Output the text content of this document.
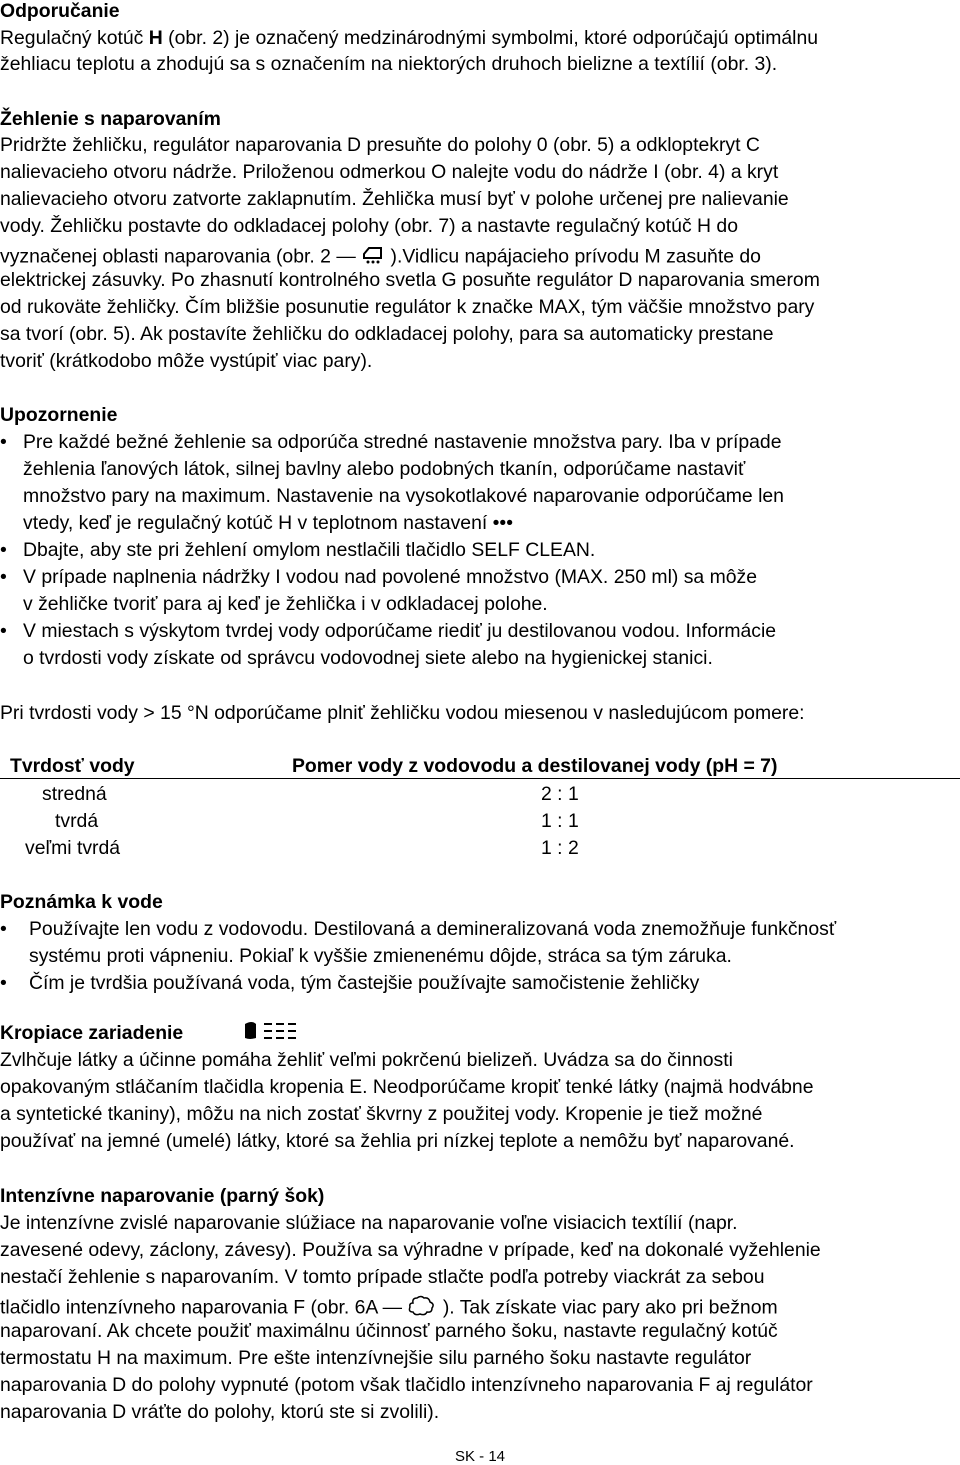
Odporučanie
Regulačný kotúč H (obr. 2) je označený medzinárodnými symbolmi, ktoré odporúčajú optimálnu
žehliacu teplotu a zhodujú sa s označením na niektorých druhoch bielizne a textílií (obr. 3).
Žehlenie s naparovaním
Pridržte žehličku, regulátor naparovania D presuňte do polohy 0 (obr. 5) a odkloptekryt C
nalievacieho otvoru nádrže. Priloženou odmerkou O nalejte vodu do nádrže I (obr. 4) a kryt
nalievacieho otvoru zatvorte zaklapnutím. Žehlička musí byť v polohe určenej pre nalievanie
vody. Žehličku postavte do odkladacej polohy (obr. 7) a nastavte regulačný kotúč H do
vyznačenej oblasti naparovania (obr. 2 — ).Vidlicu napájacieho prívodu M zasuňte do
elektrickej zásuvky. Po zhasnutí kontrolného svetla G posuňte regulátor D naparovania smerom
od rukoväte žehličky. Čím bližšie posunutie regulátor k značke MAX, tým väčšie množstvo pary
sa tvorí (obr. 5). Ak postavíte žehličku do odkladacej polohy, para sa automaticky prestane
tvoriť (krátkodobo môže vystúpiť viac pary).
Upozornenie
• Pre každé bežné žehlenie sa odporúča stredné nastavenie množstva pary. Iba v prípade
žehlenia ľanových látok, silnej bavlny alebo podobných tkanín, odporúčame nastaviť
množstvo pary na maximum. Nastavenie na vysokotlakové naparovanie odporúčame len
vtedy, keď je regulačný kotúč H v teplotnom nastavení •••
• Dbajte, aby ste pri žehlení omylom nestlačili tlačidlo SELF CLEAN.
• V prípade naplnenia nádržky I vodou nad povolené množstvo (MAX. 250 ml) sa môže
v žehličke tvoriť para aj keď je žehlička i v odkladacej polohe.
• V miestach s výskytom tvrdej vody odporúčame riediť ju destilovanou vodou. Informácie
o tvrdosti vody získate od správcu vodovodnej siete alebo na hygienickej stanici.
Pri tvrdosti vody > 15 °N odporúčame plniť žehličku vodou miesenou v nasledujúcom pomere:
Tvrdosť vody	Pomer vody z vodovodu a destilovanej vody (pH = 7)
stredná	2 : 1
tvrdá	1 : 1
veľmi tvrdá	1 : 2
Poznámka k vode
• Používajte len vodu z vodovodu. Destilovaná a demineralizovaná voda znemožňuje funkčnosť
systému proti vápneniu. Pokiaľ k vyššie zmienenému dôjde, stráca sa tým záruka.
• Čím je tvrdšia používaná voda, tým častejšie používajte samočistenie žehličky
Kropiace zariadenie
Zvlhčuje látky a účinne pomáha žehliť veľmi pokrčenú bielizeň. Uvádza sa do činnosti
opakovaným stláčaním tlačidla kropenia E. Neodporúčame kropiť tenké látky (najmä hodvábne
a syntetické tkaniny), môžu na nich zostať škvrny z použitej vody. Kropenie je tiež možné
používať na jemné (umelé) látky, ktoré sa žehlia pri nízkej teplote a nemôžu byť naparované.
Intenzívne naparovanie (parný šok)
Je intenzívne zvislé naparovanie slúžiace na naparovanie voľne visiacich textílií (napr.
zavesené odevy, záclony, závesy). Používa sa výhradne v prípade, keď na dokonalé vyžehlenie
nestačí žehlenie s naparovaním. V tomto prípade stlačte podľa potreby viackrát za sebou
tlačidlo intenzívneho naparovania F (obr. 6A — ). Tak získate viac pary ako pri bežnom
naparovaní. Ak chcete použiť maximálnu účinnosť parného šoku, nastavte regulačný kotúč
termostatu H na maximum. Pre ešte intenzívnejšie silu parného šoku nastavte regulátor
naparovania D do polohy vypnuté (potom však tlačidlo intenzívneho naparovania F aj regulátor
naparovania D vráťte do polohy, ktorú ste si zvolili).
SK - 14
